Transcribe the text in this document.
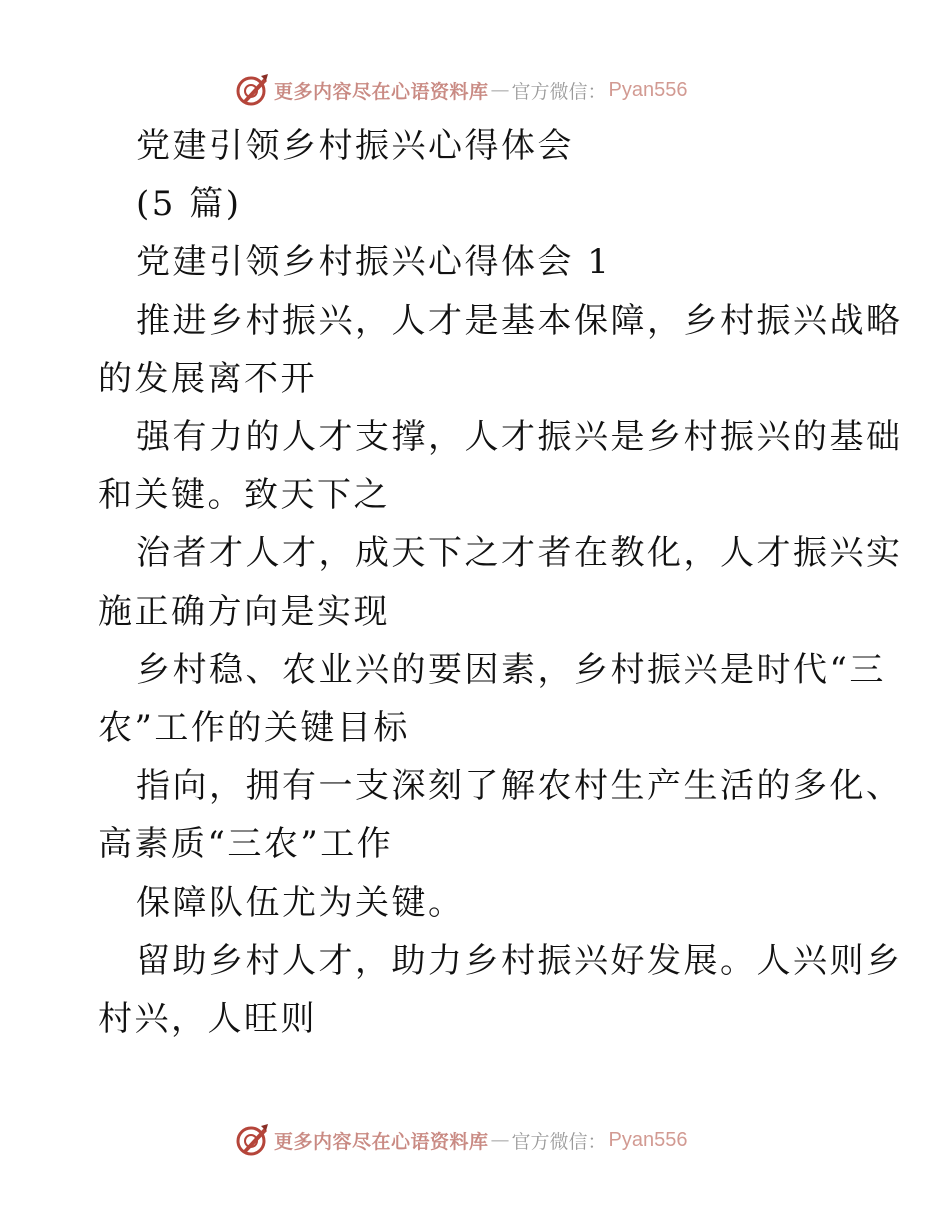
更多内容尽在心语资料库 — 官方微信： Pyan556
党建引领乡村振兴心得体会
(5 篇)
党建引领乡村振兴心得体会 1
推进乡村振兴，人才是基本保障，乡村振兴战略
的发展离不开
强有力的人才支撑，人才振兴是乡村振兴的基础
和关键。致天下之
治者才人才，成天下之才者在教化，人才振兴实
施正确方向是实现
乡村稳、农业兴的要因素，乡村振兴是时代“三
农”工作的关键目标
指向，拥有一支深刻了解农村生产生活的多化、
高素质“三农”工作
保障队伍尤为关键。
留助乡村人才，助力乡村振兴好发展。人兴则乡
村兴，人旺则
更多内容尽在心语资料库 — 官方微信： Pyan556
